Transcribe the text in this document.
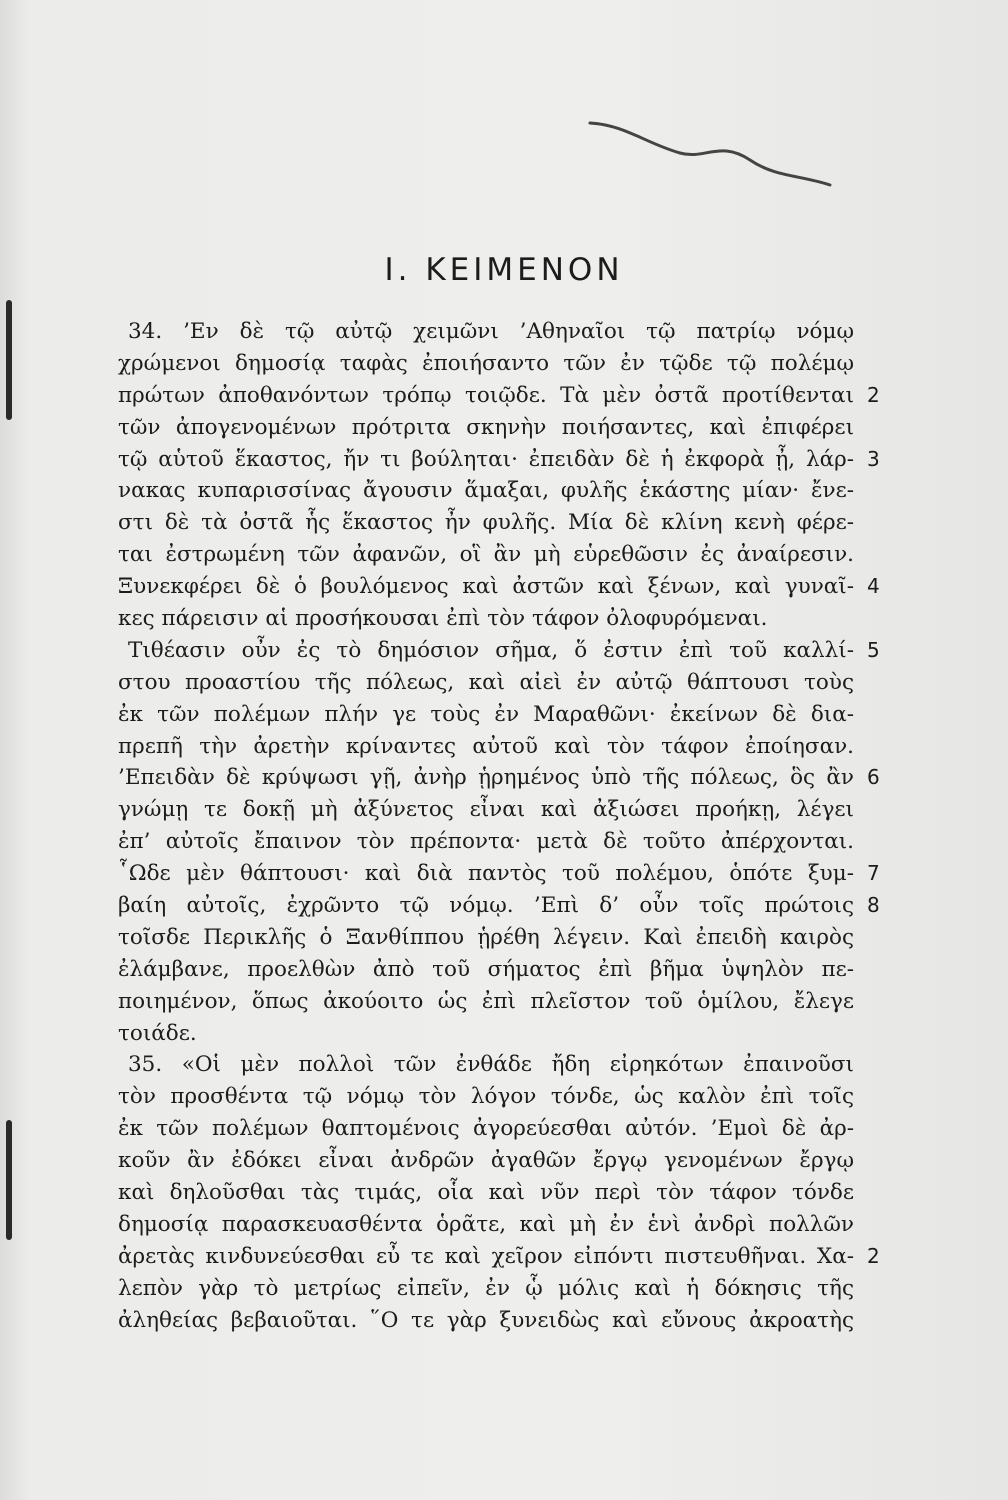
I. ΚΕΙΜΕΝΟΝ
34. ’Εν δὲ τῷ αὐτῷ χειμῶνι ’Αθηναῖοι τῷ πατρίῳ νόμῳ
χρώμενοι δημοσίᾳ ταφὰς ἐποιήσαντο τῶν ἐν τῷδε τῷ πολέμῳ
πρώτων ἀποθανόντων τρόπῳ τοιῷδε. Τὰ μὲν ὀστᾶ προτίθενται 2
τῶν ἀπογενομένων πρότριτα σκηνὴν ποιήσαντες, καὶ ἐπιφέρει
τῷ αὑτοῦ ἕκαστος, ἤν τι βούληται· ἐπειδὰν δὲ ἡ ἐκφορὰ ᾖ, λάρ- 3
νακας κυπαρισσίνας ἄγουσιν ἅμαξαι, φυλῆς ἑκάστης μίαν· ἔνε-
στι δὲ τὰ ὀστᾶ ἧς ἕκαστος ἦν φυλῆς. Μία δὲ κλίνη κενὴ φέρε-
ται ἐστρωμένη τῶν ἀφανῶν, οἳ ἂν μὴ εὑρεθῶσιν ἐς ἀναίρεσιν.
Ξυνεκφέρει δὲ ὁ βουλόμενος καὶ ἀστῶν καὶ ξένων, καὶ γυναῖ- 4
κες πάρεισιν αἱ προσήκουσαι ἐπὶ τὸν τάφον ὀλοφυρόμεναι.
Τιθέασιν οὖν ἐς τὸ δημόσιον σῆμα, ὅ ἐστιν ἐπὶ τοῦ καλλί- 5
στου προαστίου τῆς πόλεως, καὶ αἰεὶ ἐν αὐτῷ θάπτουσι τοὺς
ἐκ τῶν πολέμων πλήν γε τοὺς ἐν Μαραθῶνι· ἐκείνων δὲ δια-
πρεπῆ τὴν ἀρετὴν κρίναντες αὐτοῦ καὶ τὸν τάφον ἐποίησαν.
’Επειδὰν δὲ κρύψωσι γῇ, ἀνὴρ ᾑρημένος ὑπὸ τῆς πόλεως, ὃς ἂν 6
γνώμῃ τε δοκῇ μὴ ἀξύνετος εἶναι καὶ ἀξιώσει προήκῃ, λέγει
ἐπ’ αὐτοῖς ἔπαινον τὸν πρέποντα· μετὰ δὲ τοῦτο ἀπέρχονται.
῟Ωδε μὲν θάπτουσι· καὶ διὰ παντὸς τοῦ πολέμου, ὁπότε ξυμ- 7
βαίη αὐτοῖς, ἐχρῶντο τῷ νόμῳ. ’Επὶ δ’ οὖν τοῖς πρώτοις 8
τοῖσδε Περικλῆς ὁ Ξανθίππου ᾑρέθη λέγειν. Καὶ ἐπειδὴ καιρὸς
ἐλάμβανε, προελθὼν ἀπὸ τοῦ σήματος ἐπὶ βῆμα ὑψηλὸν πε-
ποιημένον, ὅπως ἀκούοιτο ὡς ἐπὶ πλεῖστον τοῦ ὁμίλου, ἔλεγε
τοιάδε.
35. «Οἱ μὲν πολλοὶ τῶν ἐνθάδε ἤδη εἰρηκότων ἐπαινοῦσι
τὸν προσθέντα τῷ νόμῳ τὸν λόγον τόνδε, ὡς καλὸν ἐπὶ τοῖς
ἐκ τῶν πολέμων θαπτομένοις ἀγορεύεσθαι αὐτόν. ’Εμοὶ δὲ ἀρ-
κοῦν ἂν ἐδόκει εἶναι ἀνδρῶν ἀγαθῶν ἔργῳ γενομένων ἔργῳ
καὶ δηλοῦσθαι τὰς τιμάς, οἷα καὶ νῦν περὶ τὸν τάφον τόνδε
δημοσίᾳ παρασκευασθέντα ὁρᾶτε, καὶ μὴ ἐν ἑνὶ ἀνδρὶ πολλῶν
ἀρετὰς κινδυνεύεσθαι εὖ τε καὶ χεῖρον εἰπόντι πιστευθῆναι. Χα- 2
λεπὸν γὰρ τὸ μετρίως εἰπεῖν, ἐν ᾧ μόλις καὶ ἡ δόκησις τῆς
ἀληθείας βεβαιοῦται. ῞Ο τε γὰρ ξυνειδὼς καὶ εὔνους ἀκροατὴς
